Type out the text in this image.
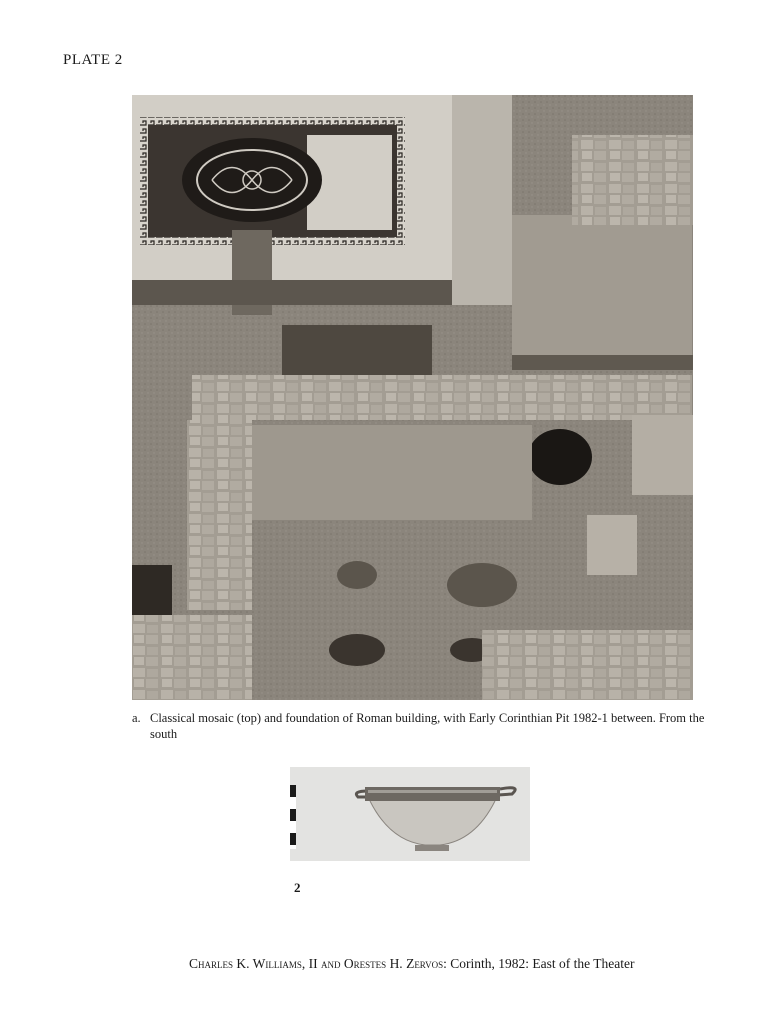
PLATE 2
a. Classical mosaic (top) and foundation of Roman building, with Early Corinthian Pit 1982-1 between. From the south
2
Charles K. Williams, II and Orestes H. Zervos: Corinth, 1982: East of the Theater
